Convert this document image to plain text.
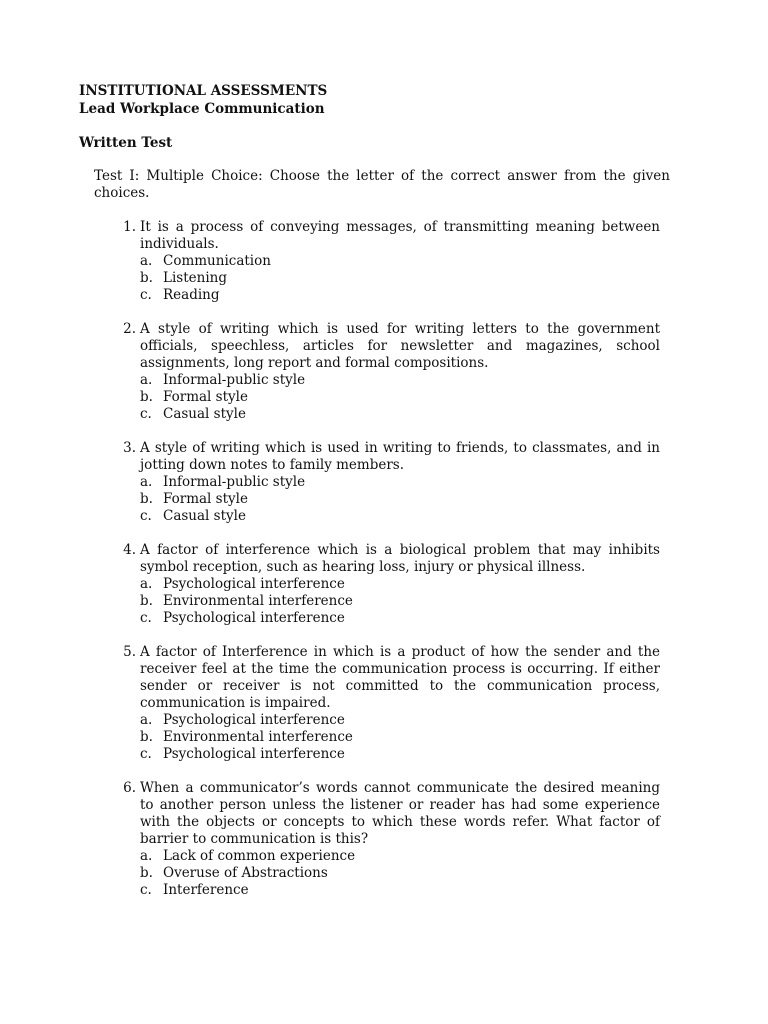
INSTITUTIONAL ASSESSMENTS
Lead Workplace Communication
Written Test
Test I: Multiple Choice: Choose the letter of the correct answer from the given choices.
1. It is a process of conveying messages, of transmitting meaning between individuals.
a. Communication
b. Listening
c. Reading
2. A style of writing which is used for writing letters to the government officials, speechless, articles for newsletter and magazines, school assignments, long report and formal compositions.
a. Informal-public style
b. Formal style
c. Casual style
3. A style of writing which is used in writing to friends, to classmates, and in jotting down notes to family members.
a. Informal-public style
b. Formal style
c. Casual style
4. A factor of interference which is a biological problem that may inhibits symbol reception, such as hearing loss, injury or physical illness.
a. Psychological interference
b. Environmental interference
c. Psychological interference
5. A factor of Interference in which is a product of how the sender and the receiver feel at the time the communication process is occurring. If either sender or receiver is not committed to the communication process, communication is impaired.
a. Psychological interference
b. Environmental interference
c. Psychological interference
6. When a communicator’s words cannot communicate the desired meaning to another person unless the listener or reader has had some experience with the objects or concepts to which these words refer. What factor of barrier to communication is this?
a. Lack of common experience
b. Overuse of Abstractions
c. Interference
